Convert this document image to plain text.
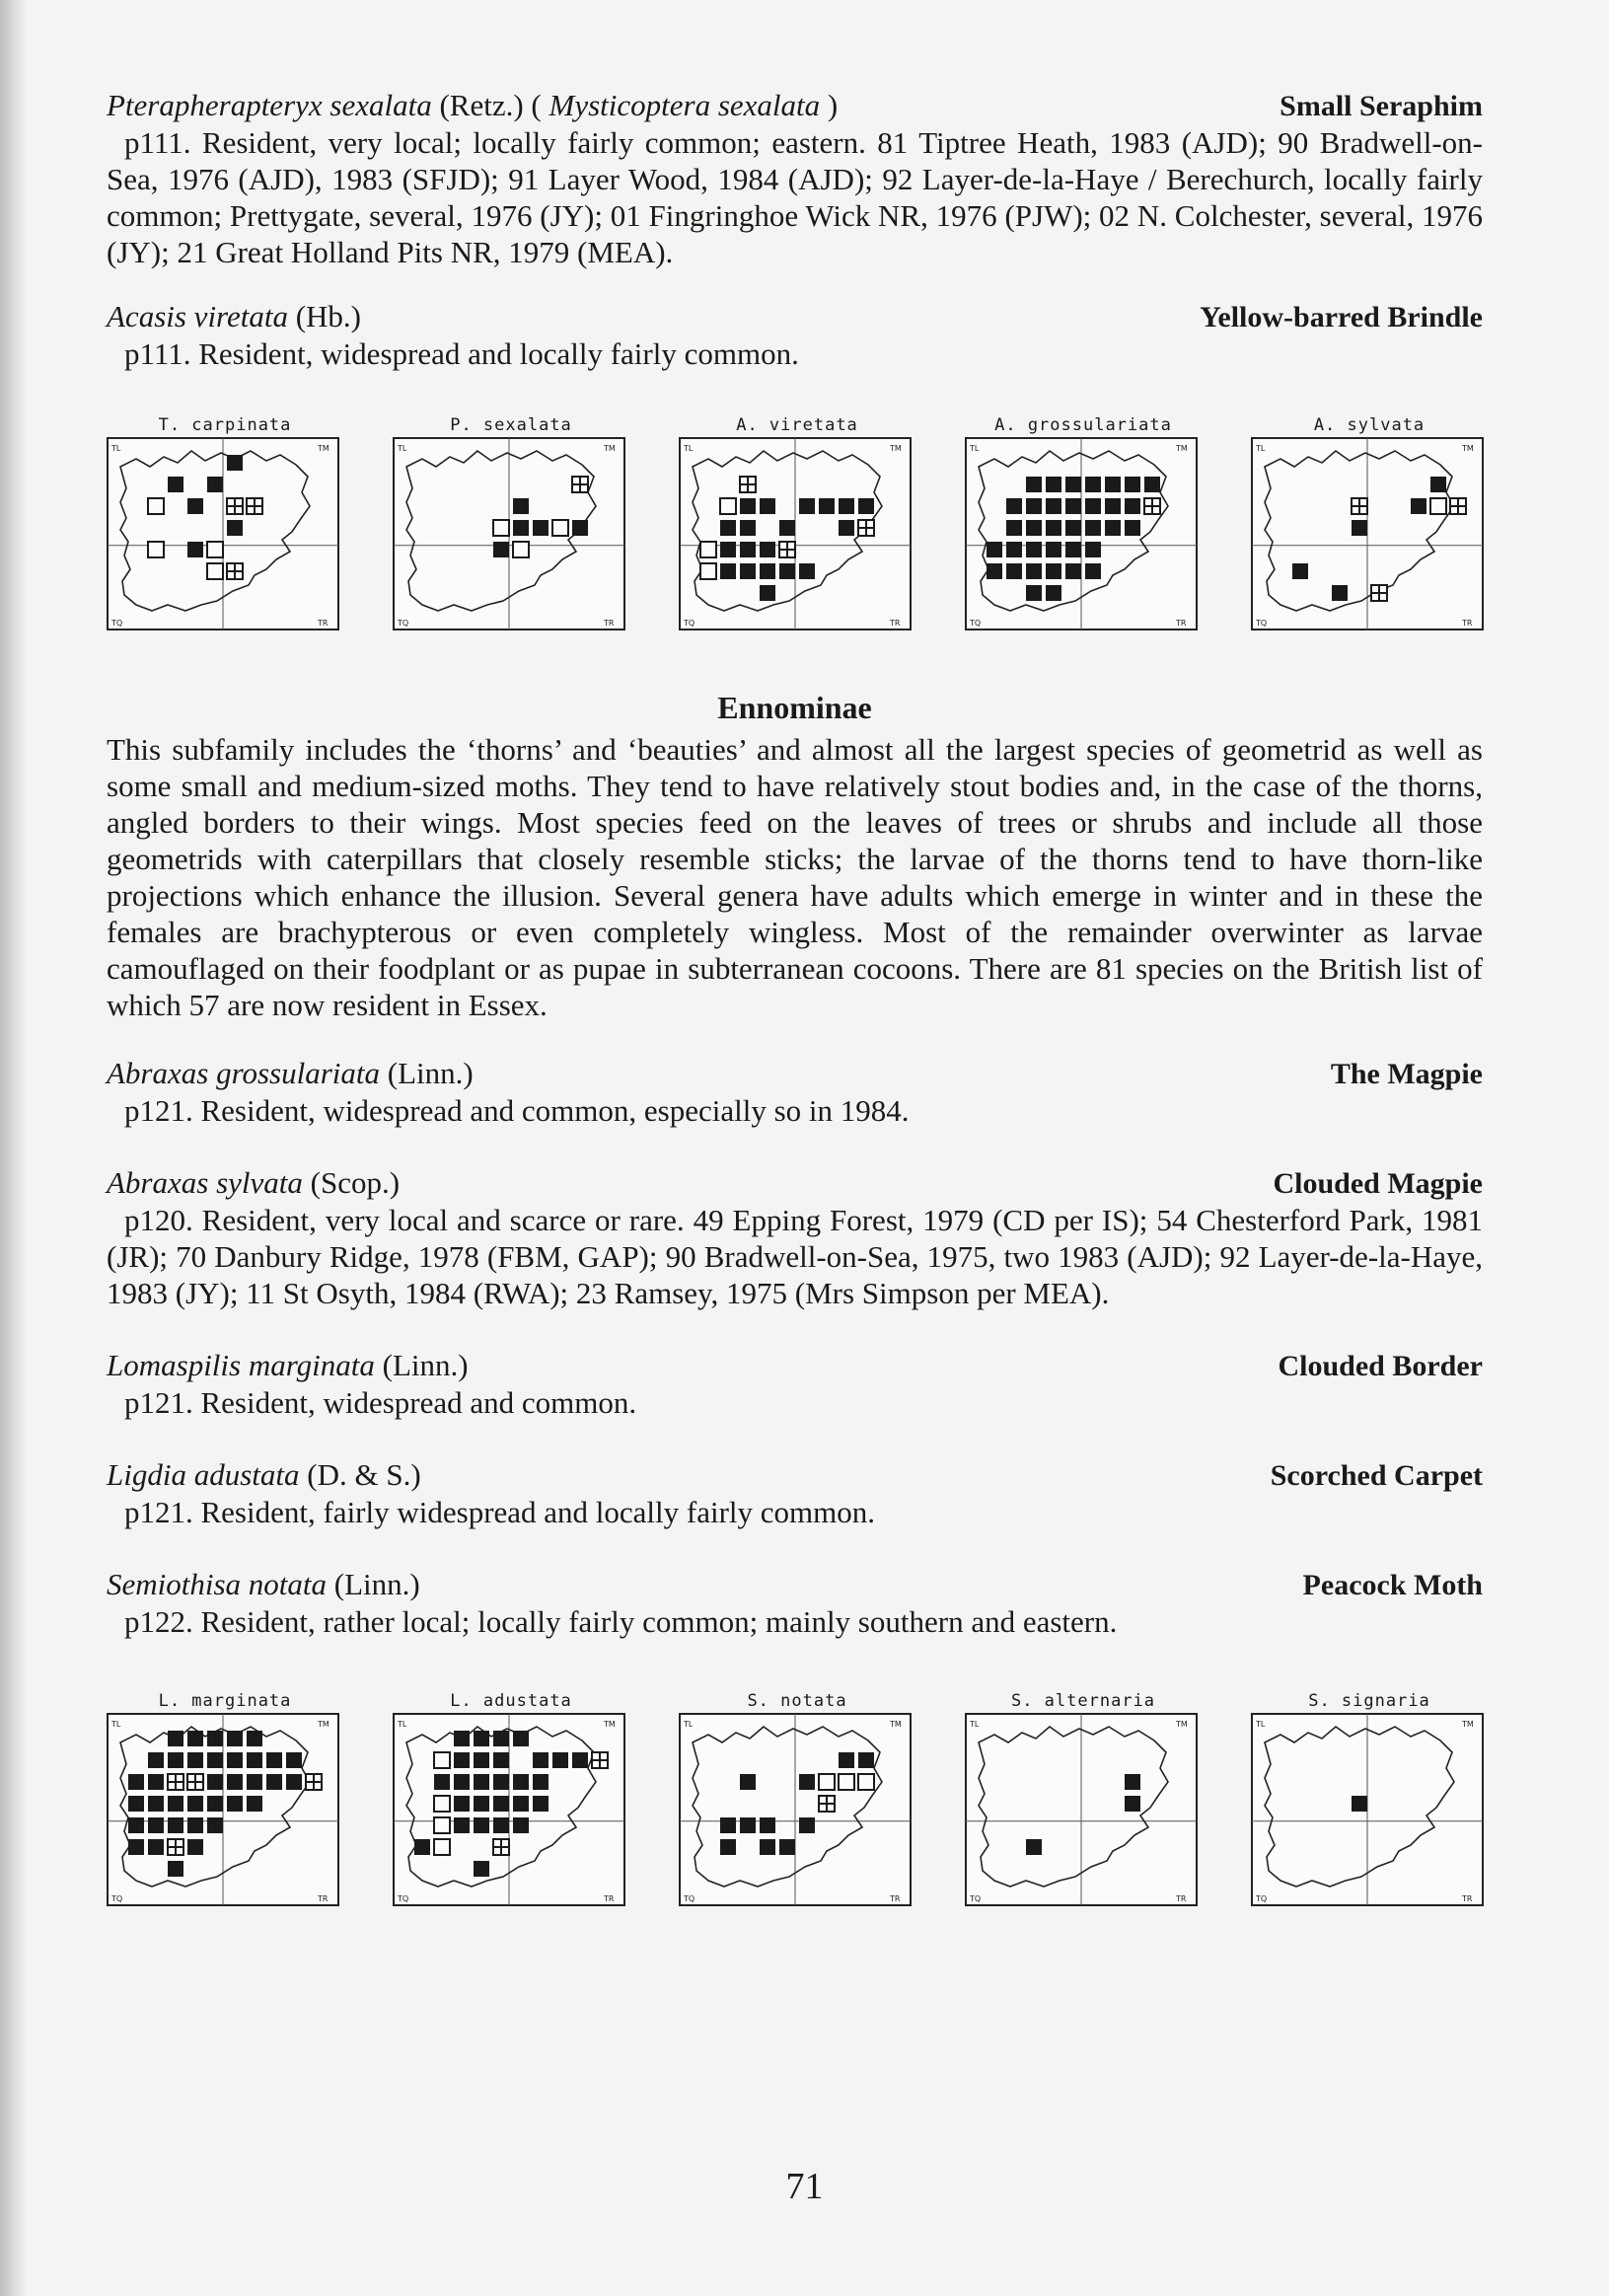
Pterapherapteryx sexalata (Retz.) ( Mysticoptera sexalata )	Small Seraphim
p111. Resident, very local; locally fairly common; eastern. 81 Tiptree Heath, 1983 (AJD); 90 Bradwell-on-Sea, 1976 (AJD), 1983 (SFJD); 91 Layer Wood, 1984 (AJD); 92 Layer-de-la-Haye / Berechurch, locally fairly common; Prettygate, several, 1976 (JY); 01 Fingringhoe Wick NR, 1976 (PJW); 02 N. Colchester, several, 1976 (JY); 21 Great Holland Pits NR, 1979 (MEA).
Acasis viretata (Hb.)	Yellow-barred Brindle
p111. Resident, widespread and locally fairly common.
T. carpinata
TL	TM
TQ	TR
P. sexalata
TL	TM
TQ	TR
A. viretata
TL	TM
TQ	TR
A. grossulariata
TL	TM
TQ	TR
A. sylvata
TL	TM
TQ	TR
Ennominae
This subfamily includes the ‘thorns’ and ‘beauties’ and almost all the largest species of geometrid as well as some small and medium-sized moths. They tend to have relatively stout bodies and, in the case of the thorns, angled borders to their wings. Most species feed on the leaves of trees or shrubs and include all those geometrids with caterpillars that closely resemble sticks; the larvae of the thorns tend to have thorn-like projections which enhance the illusion. Several genera have adults which emerge in winter and in these the females are brachypterous or even completely wingless. Most of the remainder overwinter as larvae camouflaged on their foodplant or as pupae in subterranean cocoons. There are 81 species on the British list of which 57 are now resident in Essex.
Abraxas grossulariata (Linn.)	The Magpie
p121. Resident, widespread and common, especially so in 1984.
Abraxas sylvata (Scop.)	Clouded Magpie
p120. Resident, very local and scarce or rare. 49 Epping Forest, 1979 (CD per IS); 54 Chesterford Park, 1981 (JR); 70 Danbury Ridge, 1978 (FBM, GAP); 90 Bradwell-on-Sea, 1975, two 1983 (AJD); 92 Layer-de-la-Haye, 1983 (JY); 11 St Osyth, 1984 (RWA); 23 Ramsey, 1975 (Mrs Simpson per MEA).
Lomaspilis marginata (Linn.)	Clouded Border
p121. Resident, widespread and common.
Ligdia adustata (D. & S.)	Scorched Carpet
p121. Resident, fairly widespread and locally fairly common.
Semiothisa notata (Linn.)	Peacock Moth
p122. Resident, rather local; locally fairly common; mainly southern and eastern.
L. marginata
TL	TM
TQ	TR
L. adustata
TL	TM
TQ	TR
S. notata
TL	TM
TQ	TR
S. alternaria
TL	TM
TQ	TR
S. signaria
TL	TM
TQ	TR
71
